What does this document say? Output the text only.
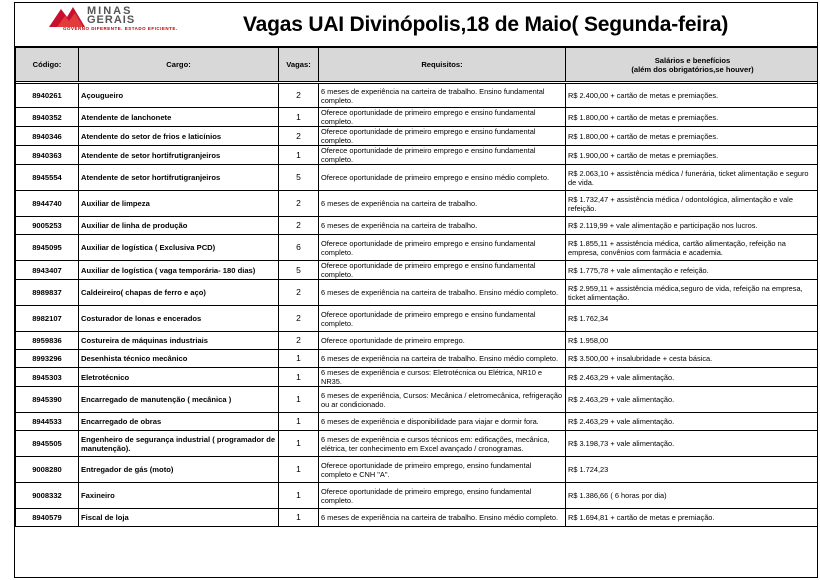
MINAS
GERAIS
GOVERNO DIFERENTE. ESTADO EFICIENTE.	Vagas UAI Divinópolis,18 de Maio( Segunda-feira)
Código:	Cargo:	Vagas:	Requisitos:	Salários e benefícios
(além dos obrigatórios,se houver)

8940261	Açougueiro	2	6 meses de experiência na carteira de trabalho. Ensino fundamental completo.	R$ 2.400,00 + cartão de metas e premiações.
8940352	Atendente de lanchonete	1	Oferece oportunidade de primeiro emprego e ensino fundamental completo.	R$ 1.800,00 + cartão de metas e premiações.
8940346	Atendente do setor de frios e laticínios	2	Oferece oportunidade de primeiro emprego e ensino fundamental completo.	R$ 1.800,00 + cartão de metas e premiações.
8940363	Atendente de setor hortifrutigranjeiros	1	Oferece oportunidade de primeiro emprego e ensino fundamental completo.	R$ 1.900,00 + cartão de metas e premiações.
8945554	Atendente de setor hortifrutigranjeiros	5	Oferece oportunidade de primeiro emprego e ensino médio completo.	R$ 2.063,10 + assistência médica / funerária, ticket alimentação e seguro de vida.
8944740	Auxiliar de limpeza	2	6 meses de experiência na carteira de trabalho.	R$ 1.732,47 + assistência médica / odontológica, alimentação e vale refeição.
9005253	Auxiliar de linha de produção	2	6 meses de experiência na carteira de trabalho.	R$ 2.119,99 + vale alimentação e participação nos lucros.
8945095	Auxiliar de logística ( Exclusiva PCD)	6	Oferece oportunidade de primeiro emprego e ensino fundamental completo.	R$ 1.855,11 + assistência médica, cartão alimentação, refeição na empresa, convênios com farmácia e academia.
8943407	Auxiliar de logística ( vaga temporária- 180 dias)	5	Oferece oportunidade de primeiro emprego e ensino fundamental completo.	R$ 1.775,78 + vale alimentação e refeição.
8989837	Caldeireiro( chapas de ferro e aço)	2	6 meses de experiência na carteira de trabalho. Ensino médio completo.	R$ 2.959,11 + assistência médica,seguro de vida, refeição na empresa, ticket alimentação.
8982107	Costurador de lonas e encerados	2	Oferece oportunidade de primeiro emprego e ensino fundamental completo.	R$ 1.762,34
8959836	Costureira de máquinas industriais	2	Oferece oportunidade de primeiro emprego.	R$ 1.958,00
8993296	Desenhista técnico mecânico	1	6 meses de experiência na carteira de trabalho. Ensino médio completo.	R$ 3.500,00 + insalubridade + cesta básica.
8945303	Eletrotécnico	1	6 meses de experiência e cursos: Eletrotécnica ou Elétrica, NR10 e NR35.	R$ 2.463,29 + vale alimentação.
8945390	Encarregado de manutenção ( mecânica )	1	6 meses de experiência, Cursos: Mecânica / eletromecânica, refrigeração ou ar condicionado.	R$ 2.463,29 + vale alimentação.
8944533	Encarregado de obras	1	6 meses de experiência e disponibilidade para viajar e dormir fora.	R$ 2.463,29 + vale alimentação.
8945505	Engenheiro de segurança industrial ( programador de manutenção).	1	6 meses de experiência e cursos técnicos em: edificações, mecânica, elétrica, ter conhecimento em Excel avançado / cronogramas.	R$ 3.198,73 + vale alimentação.
9008280	Entregador de gás (moto)	1	Oferece oportunidade de primeiro emprego, ensino fundamental completo e CNH "A".	R$ 1.724,23
9008332	Faxineiro	1	Oferece oportunidade de primeiro emprego, ensino fundamental completo.	R$ 1.386,66 ( 6 horas por dia)
8940579	Fiscal de loja	1	6 meses de experiência na carteira de trabalho. Ensino médio completo.	R$ 1.694,81 + cartão de metas e premiação.
